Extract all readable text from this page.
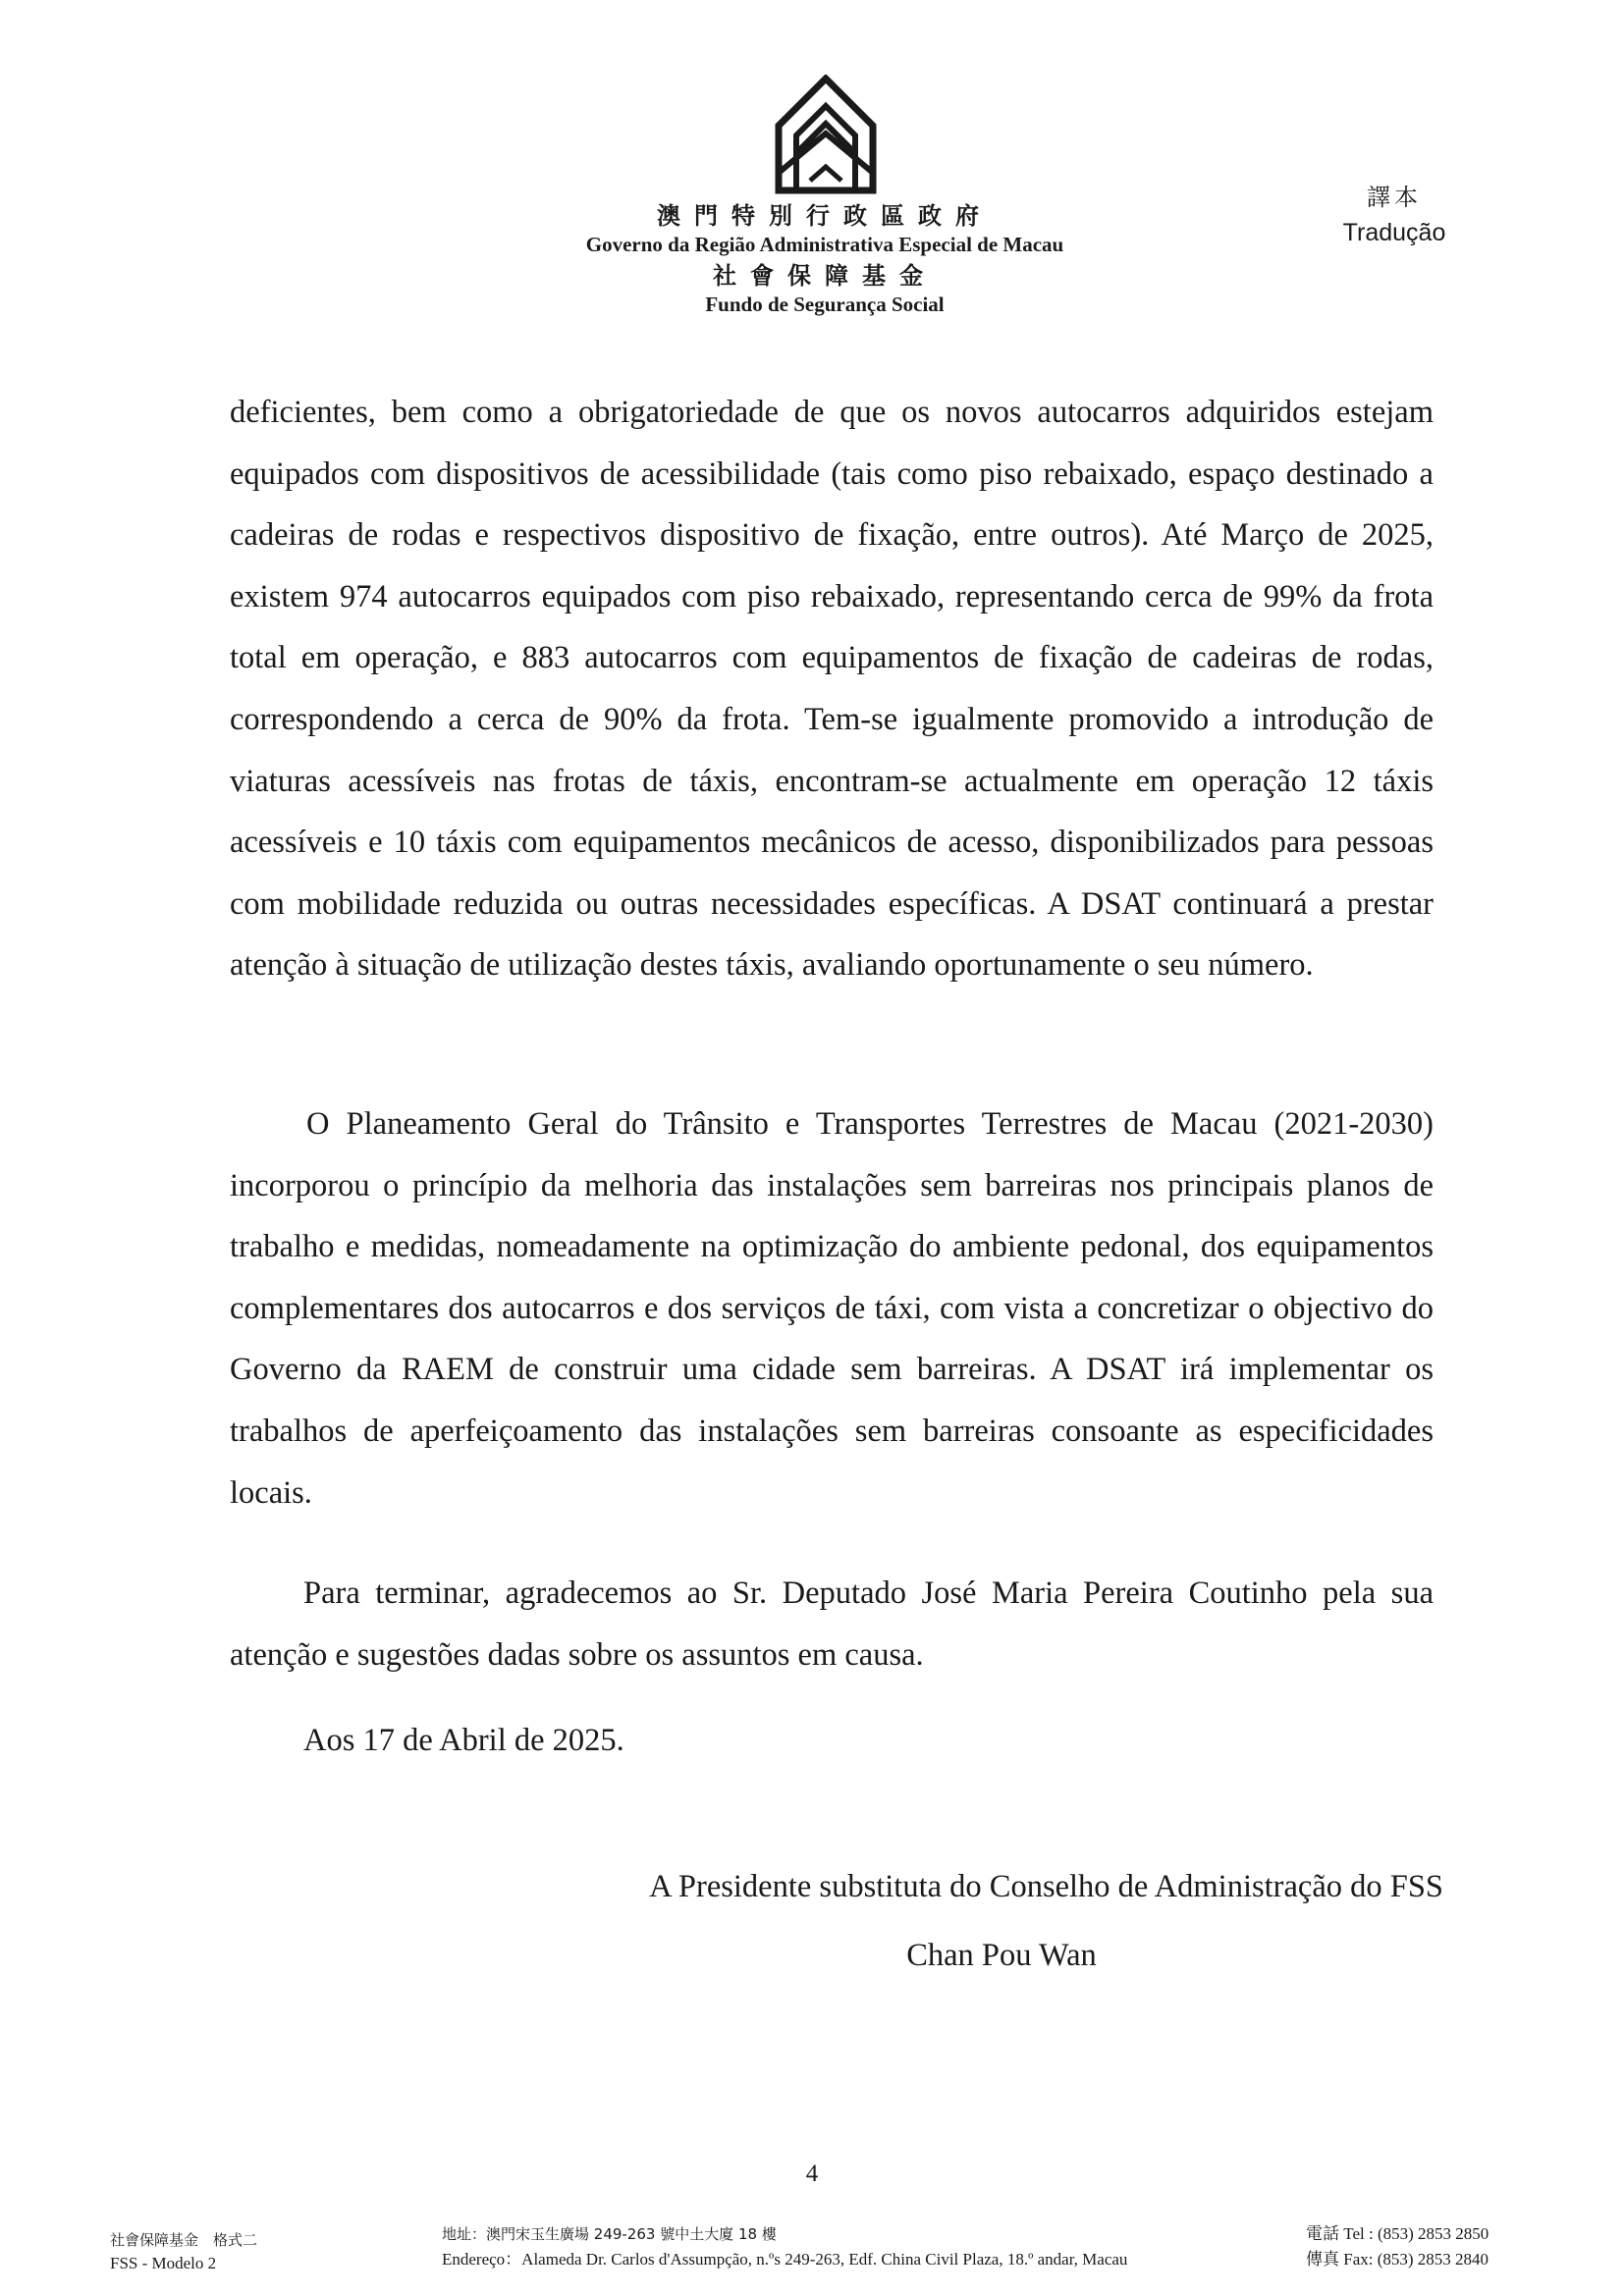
澳門特別行政區政府
Governo da Região Administrativa Especial de Macau
社會保障基金
Fundo de Segurança Social
譯本
Tradução

deficientes, bem como a obrigatoriedade de que os novos autocarros adquiridos estejam equipados com dispositivos de acessibilidade (tais como piso rebaixado, espaço destinado a cadeiras de rodas e respectivos dispositivo de fixação, entre outros). Até Março de 2025, existem 974 autocarros equipados com piso rebaixado, representando cerca de 99% da frota total em operação, e 883 autocarros com equipamentos de fixação de cadeiras de rodas, correspondendo a cerca de 90% da frota. Tem-se igualmente promovido a introdução de viaturas acessíveis nas frotas de táxis, encontram-se actualmente em operação 12 táxis acessíveis e 10 táxis com equipamentos mecânicos de acesso, disponibilizados para pessoas com mobilidade reduzida ou outras necessidades específicas. A DSAT continuará a prestar atenção à situação de utilização destes táxis, avaliando oportunamente o seu número.

O Planeamento Geral do Trânsito e Transportes Terrestres de Macau (2021-2030) incorporou o princípio da melhoria das instalações sem barreiras nos principais planos de trabalho e medidas, nomeadamente na optimização do ambiente pedonal, dos equipamentos complementares dos autocarros e dos serviços de táxi, com vista a concretizar o objectivo do Governo da RAEM de construir uma cidade sem barreiras. A DSAT irá implementar os trabalhos de aperfeiçoamento das instalações sem barreiras consoante as especificidades locais.

Para terminar, agradecemos ao Sr. Deputado José Maria Pereira Coutinho pela sua atenção e sugestões dadas sobre os assuntos em causa.

Aos 17 de Abril de 2025.

A Presidente substituta do Conselho de Administração do FSS
Chan Pou Wan
4
社會保障基金　格式二
FSS - Modelo 2
地址：澳門宋玉生廣場 249-263 號中土大廈 18 樓
Endereço：Alameda Dr. Carlos d'Assumpção, n.ºs 249-263, Edf. China Civil Plaza, 18.º andar, Macau
電話 Tel : (853) 2853 2850
傳真 Fax: (853) 2853 2840
